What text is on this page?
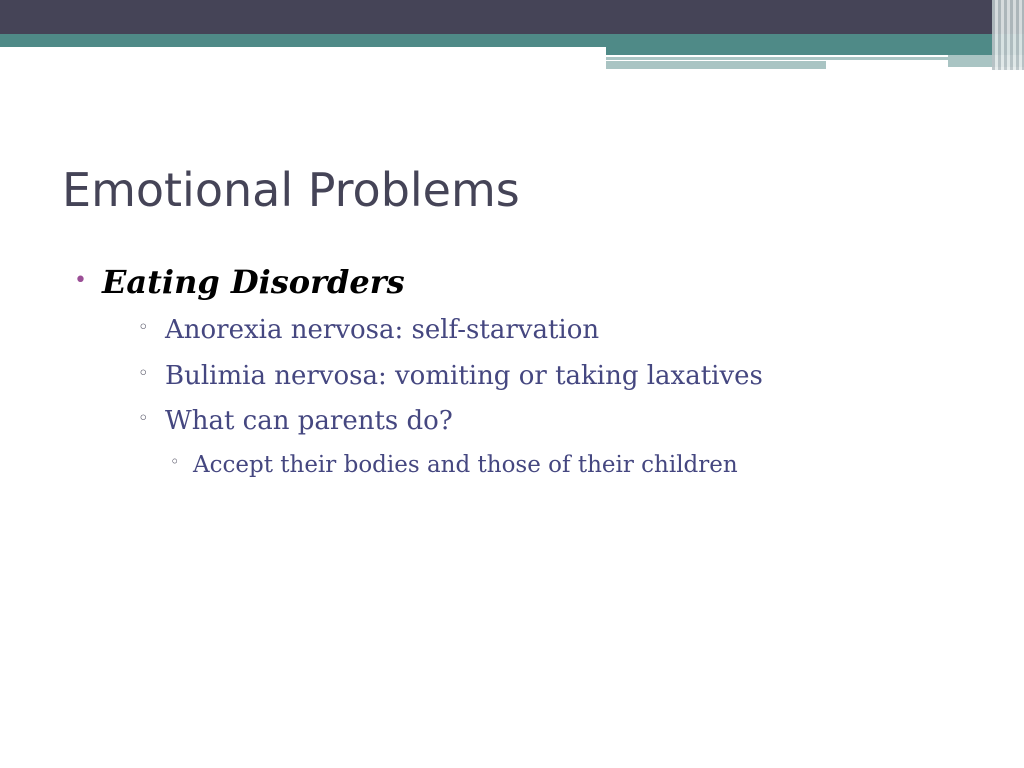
Emotional Problems
• Eating Disorders
◦ Anorexia nervosa: self-starvation
◦ Bulimia nervosa: vomiting or taking laxatives
◦ What can parents do?
◦ Accept their bodies and those of their children
